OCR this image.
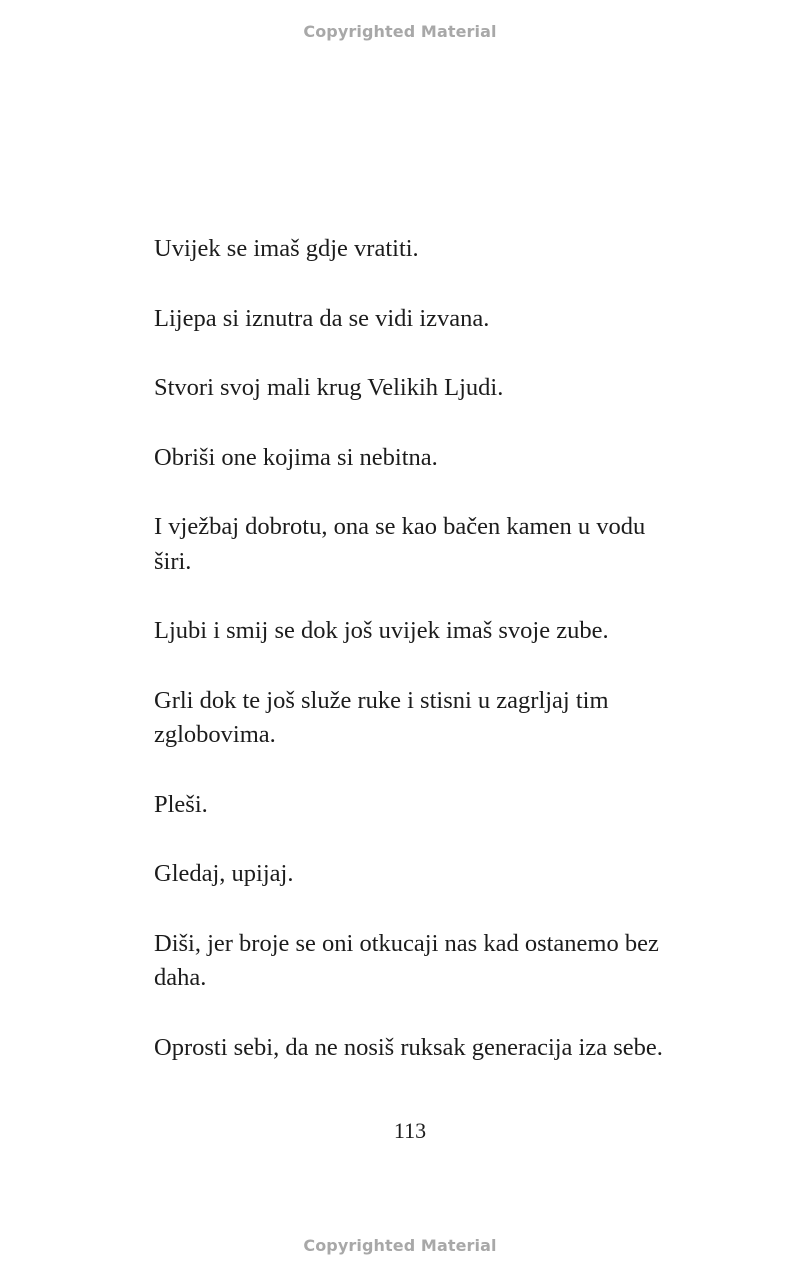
Copyrighted Material

Uvijek se imaš gdje vratiti.

Lijepa si iznutra da se vidi izvana.

Stvori svoj mali krug Velikih Ljudi.

Obriši one kojima si nebitna.

I vježbaj dobrotu, ona se kao bačen kamen u vodu širi.

Ljubi i smij se dok još uvijek imaš svoje zube.

Grli dok te još služe ruke i stisni u zagrljaj tim zglobovima.

Pleši.

Gledaj, upijaj.

Diši, jer broje se oni otkucaji nas kad ostanemo bez daha.

Oprosti sebi, da ne nosiš ruksak generacija iza sebe.

113

Copyrighted Material
